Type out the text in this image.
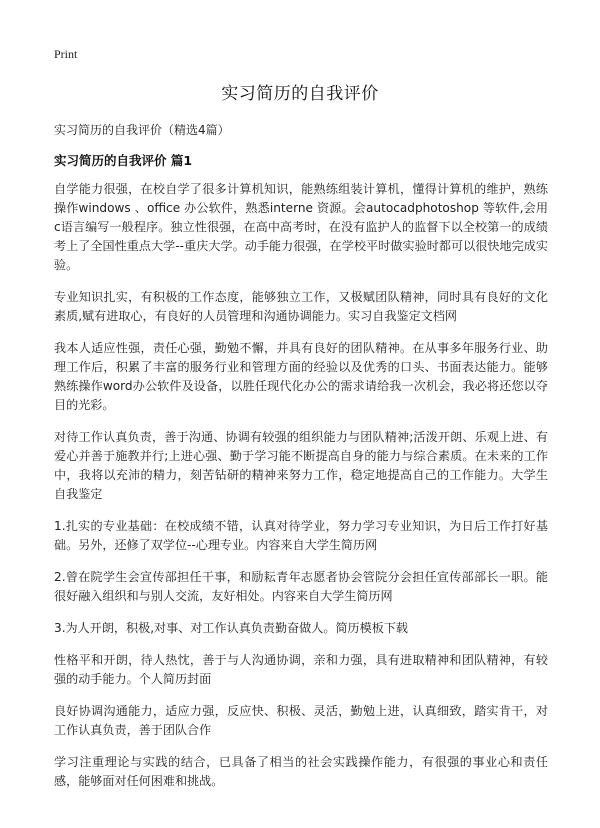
Print
实习简历的自我评价
实习简历的自我评价（精选4篇）
实习简历的自我评价 篇1

自学能力很强，在校自学了很多计算机知识，能熟练组装计算机，懂得计算机的维护，熟练操作windows 、office 办公软件，熟悉interne 资源。会autocadphotoshop 等软件,会用c语言编写一般程序。独立性很强，在高中高考时，在没有监护人的监督下以全校第一的成绩考上了全国性重点大学--重庆大学。动手能力很强，在学校平时做实验时都可以很快地完成实验。

专业知识扎实，有积极的工作态度，能够独立工作，又极赋团队精神，同时具有良好的文化素质,赋有进取心，有良好的人员管理和沟通协调能力。实习自我鉴定文档网

我本人适应性强，责任心强，勤勉不懈，并具有良好的团队精神。在从事多年服务行业、助理工作后，积累了丰富的服务行业和管理方面的经验以及优秀的口头、书面表达能力。能够熟练操作word办公软件及设备，以胜任现代化办公的需求请给我一次机会，我必将还您以夺目的光彩。

对待工作认真负责，善于沟通、协调有较强的组织能力与团队精神;活泼开朗、乐观上进、有爱心并善于施教并行;上进心强、勤于学习能不断提高自身的能力与综合素质。在未来的工作中，我将以充沛的精力，刻苦钻研的精神来努力工作，稳定地提高自己的工作能力。大学生自我鉴定

1.扎实的专业基础：在校成绩不错，认真对待学业，努力学习专业知识，为日后工作打好基础。另外，还修了双学位--心理专业。内容来自大学生简历网

2.曾在院学生会宣传部担任干事，和励耘青年志愿者协会管院分会担任宣传部部长一职。能很好融入组织和与别人交流，友好相处。内容来自大学生简历网

3.为人开朗，积极,对事、对工作认真负责勤奋做人。简历模板下载

性格平和开朗，待人热忱，善于与人沟通协调，亲和力强，具有进取精神和团队精神，有较强的动手能力。个人简历封面

良好协调沟通能力，适应力强，反应快、积极、灵活，勤勉上进，认真细致，踏实肯干，对工作认真负责，善于团队合作

学习注重理论与实践的结合，已具备了相当的社会实践操作能力，有很强的事业心和责任感，能够面对任何困难和挑战。
